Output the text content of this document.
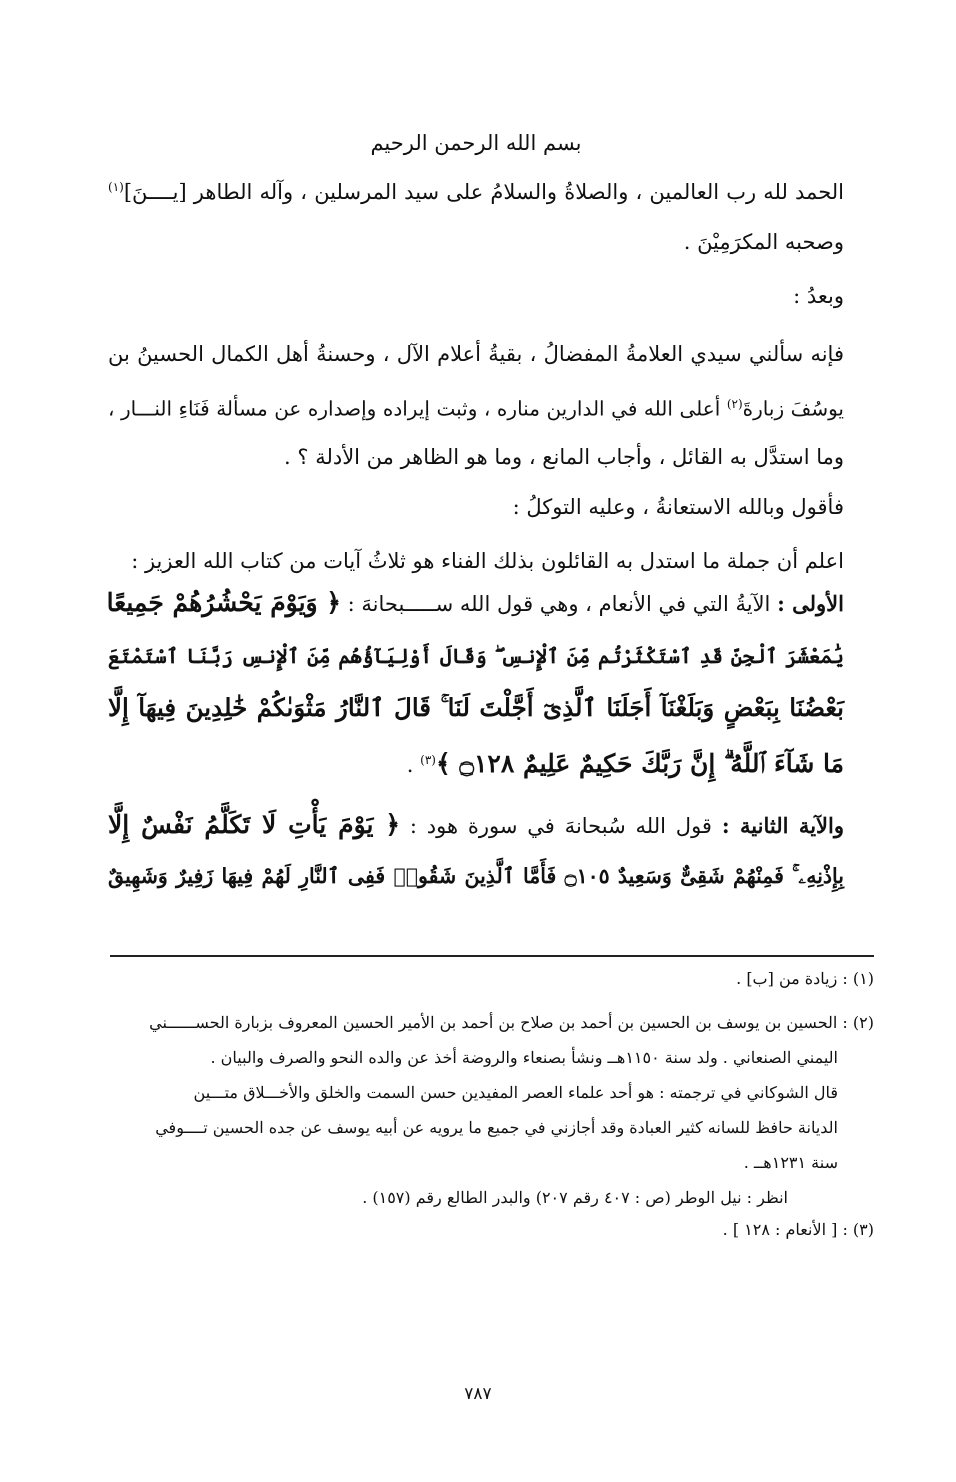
بسم الله الرحمن الرحيم
الحمد لله رب العالمين ، والصلاةُ والسلامُ على سيد المرسلين ، وآله الطاهر [يــــنَ]$^{(١)}$
وصحبه المكرَمِيْنَ .
وبعدُ :
فإنه سألني سيدي العلامةُ المفضالُ ، بقيةُ أعلام الآل ، وحسنةُ أهل الكمال الحسينُ بن
يوسُفَ زبارةَ$^{(٢)}$ أعلى الله في الدارين مناره ، وثبت إيراده وإصداره عن مسألة فَنَاءِ النـــار ،
وما استدَّل به القائل ، وأجاب المانع ، وما هو الظاهر من الأدلة ؟ .
فأقول وبالله الاستعانةُ ، وعليه التوكلُ :
اعلم أن جملة ما استدل به القائلون بذلك الفناء هو ثلاثُ آيات من كتاب الله العزيز :
الأولى : الآيةُ التي في الأنعام ، وهي قول الله ســـــبحانهَ : ﴿ وَيَوْمَ يَحْشُرُهُمْ جَمِيعًا
يَٰمَعْشَرَ ٱلْجِنِّ قَدِ ٱسْتَكْثَرْتُم مِّنَ ٱلْإِنسِ ۖ وَقَالَ أَوْلِيَآؤُهُم مِّنَ ٱلْإِنسِ رَبَّنَا ٱسْتَمْتَعَ
بَعْضُنَا بِبَعْضٍ وَبَلَغْنَآ أَجَلَنَا ٱلَّذِىٓ أَجَّلْتَ لَنَا ۚ قَالَ ٱلنَّارُ مَثْوَىٰكُمْ خَٰلِدِينَ فِيهَآ إِلَّا
مَا شَآءَ ٱللَّهُ ۗ إِنَّ رَبَّكَ حَكِيمٌ عَلِيمٌ ۝١٢٨ ﴾$^{(٣)}$ .
والآية الثانية : قول الله سُبحانهَ في سورة هود : ﴿ يَوْمَ يَأْتِ لَا تَكَلَّمُ نَفْسٌ إِلَّا
بِإِذْنِهِۦ ۚ فَمِنْهُمْ شَقِىٌّ وَسَعِيدٌ ۝١٠٥ فَأَمَّا ٱلَّذِينَ شَقُوا۟ فَفِى ٱلنَّارِ لَهُمْ فِيهَا زَفِيرٌ وَشَهِيقٌ
(١) : زيادة من [ب] .
(٢) : الحسين بن يوسف بن الحسين بن أحمد بن صلاح بن أحمد بن الأمير الحسين المعروف بزبارة الحســــــني
اليمني الصنعاني . ولد سنة ١١٥٠هــ ونشأ بصنعاء والروضة أخذ عن والده النحو والصرف والبيان .
قال الشوكاني في ترجمته : هو أحد علماء العصر المفيدين حسن السمت والخلق والأخـــلاق متـــين
الديانة حافظ للسانه كثير العبادة وقد أجازني في جميع ما يرويه عن أبيه يوسف عن جده الحسين تــــوفي
سنة ١٢٣١هــ .
انظر : نيل الوطر (ص : ٤٠٧ رقم ٢٠٧) والبدر الطالع رقم (١٥٧) .
(٣) : [ الأنعام : ١٢٨ ] .
٧٨٧
